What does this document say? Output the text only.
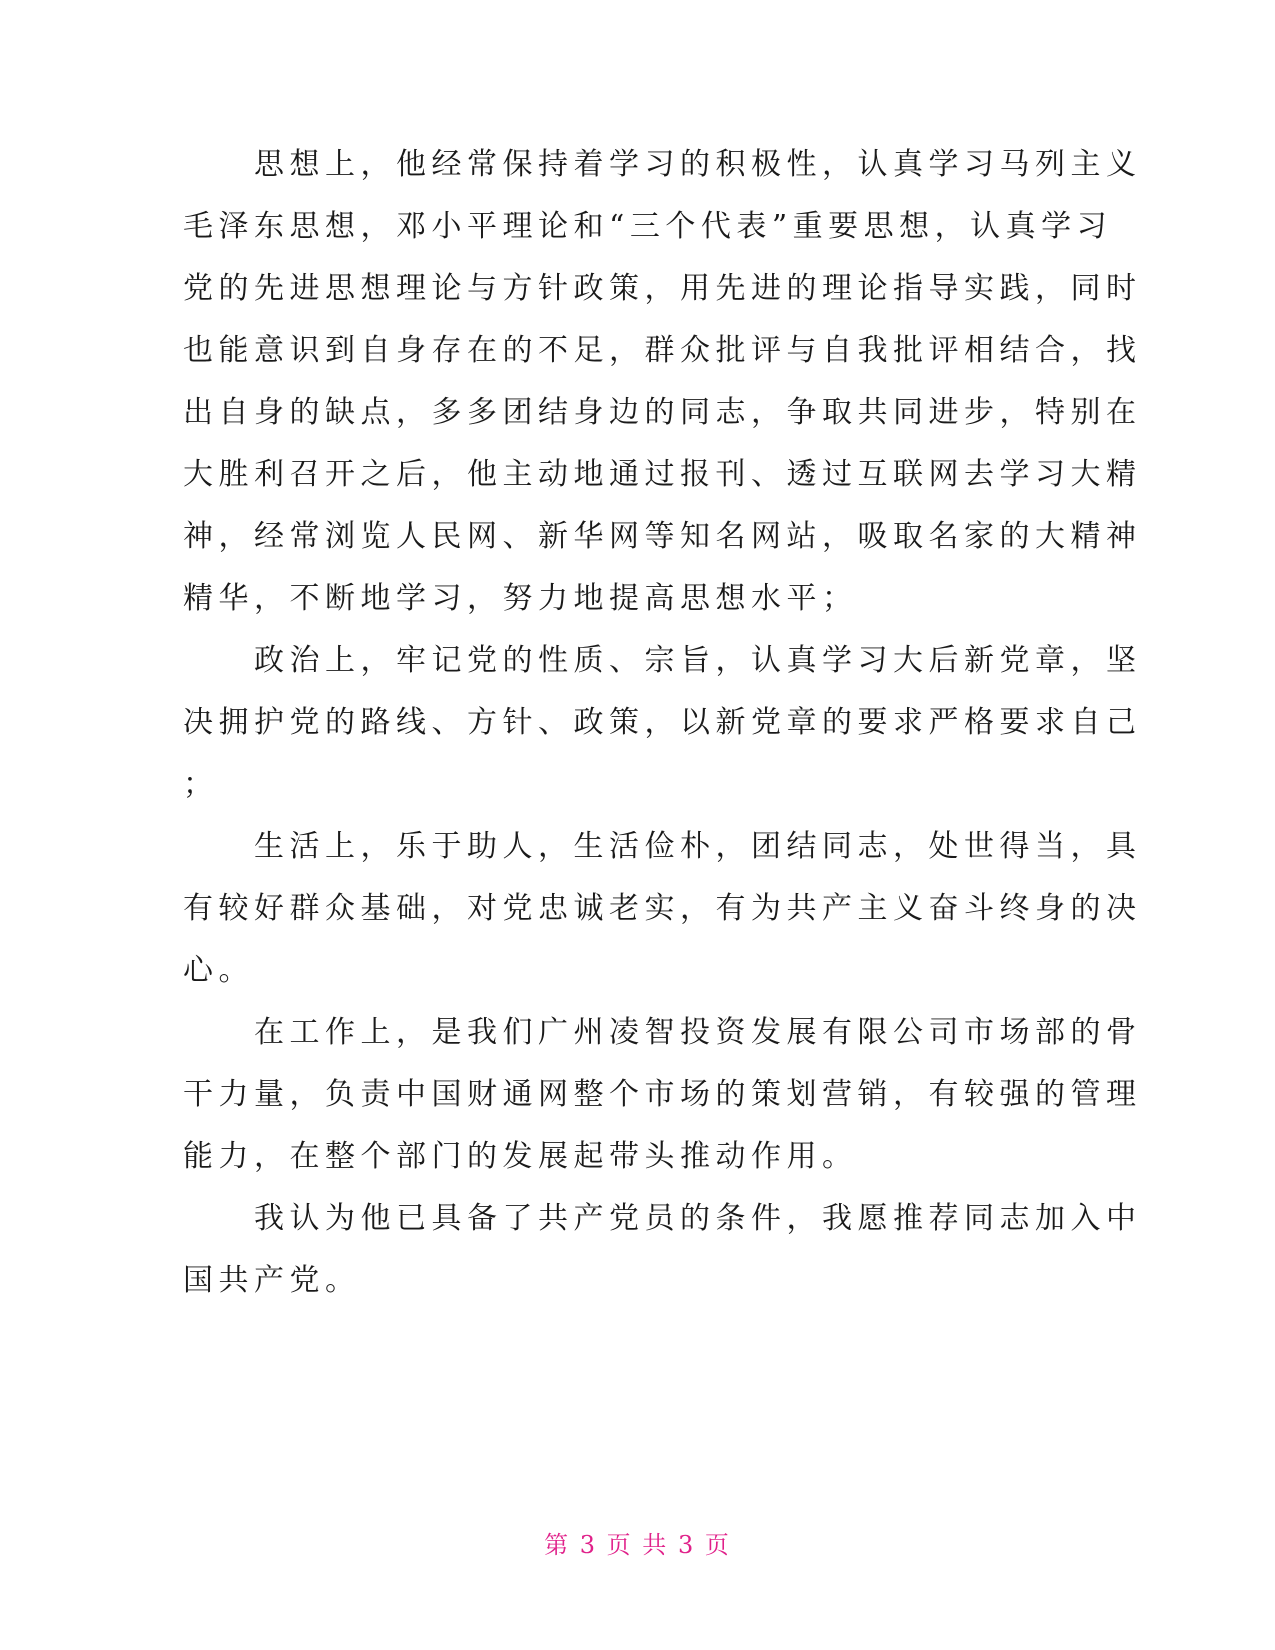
　　思想上，他经常保持着学习的积极性，认真学习马列主义
毛泽东思想，邓小平理论和“三个代表”重要思想，认真学习
党的先进思想理论与方针政策，用先进的理论指导实践，同时
也能意识到自身存在的不足，群众批评与自我批评相结合，找
出自身的缺点，多多团结身边的同志，争取共同进步，特别在
大胜利召开之后，他主动地通过报刊、透过互联网去学习大精
神，经常浏览人民网、新华网等知名网站，吸取名家的大精神
精华，不断地学习，努力地提高思想水平；
　　政治上，牢记党的性质、宗旨，认真学习大后新党章，坚
决拥护党的路线、方针、政策，以新党章的要求严格要求自己
；
　　生活上，乐于助人，生活俭朴，团结同志，处世得当，具
有较好群众基础，对党忠诚老实，有为共产主义奋斗终身的决
心。
　　在工作上，是我们广州凌智投资发展有限公司市场部的骨
干力量，负责中国财通网整个市场的策划营销，有较强的管理
能力，在整个部门的发展起带头推动作用。
　　我认为他已具备了共产党员的条件，我愿推荐同志加入中
国共产党。
第 3 页 共 3 页
